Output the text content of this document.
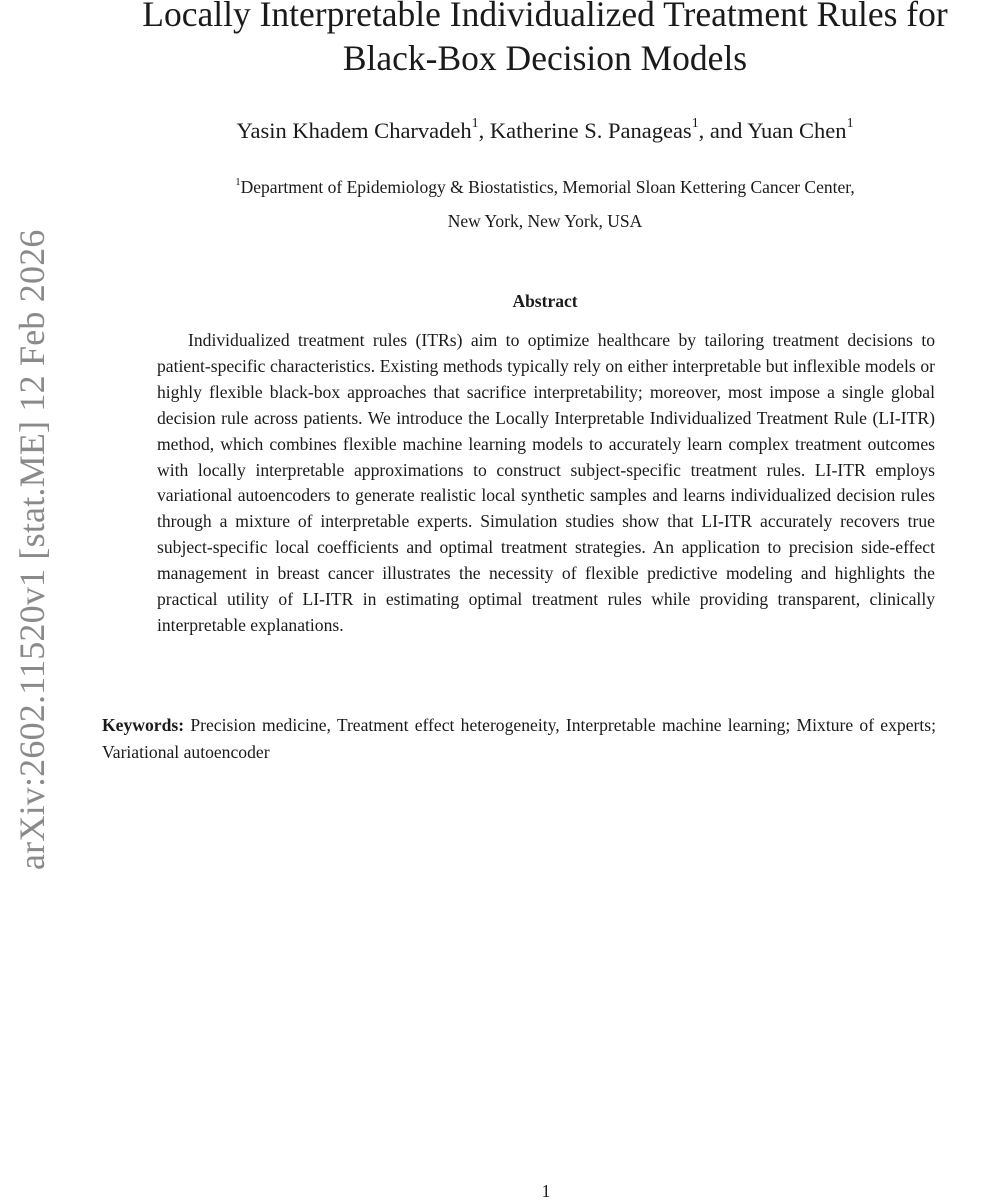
arXiv:2602.11520v1 [stat.ME] 12 Feb 2026
Locally Interpretable Individualized Treatment Rules for
Black-Box Decision Models
Yasin Khadem Charvadeh$^1$, Katherine S. Panageas$^1$, and Yuan Chen$^1$
$^1$Department of Epidemiology & Biostatistics, Memorial Sloan Kettering Cancer Center,
New York, New York, USA
Abstract

Individualized treatment rules (ITRs) aim to optimize healthcare by tailoring treatment decisions to patient-specific characteristics. Existing methods typically rely on either interpretable but inflexible models or highly flexible black-box approaches that sacrifice interpretability; moreover, most impose a single global decision rule across patients. We introduce the Locally Interpretable Individualized Treatment Rule (LI-ITR) method, which combines flexible machine learning models to accurately learn complex treatment outcomes with locally interpretable approximations to construct subject-specific treatment rules. LI-ITR employs variational autoencoders to generate realistic local synthetic samples and learns individualized decision rules through a mixture of interpretable experts. Simulation studies show that LI-ITR accurately recovers true subject-specific local coefficients and optimal treatment strategies. An application to precision side-effect management in breast cancer illustrates the necessity of flexible predictive modeling and highlights the practical utility of LI-ITR in estimating optimal treatment rules while providing transparent, clinically interpretable explanations.

Keywords: Precision medicine, Treatment effect heterogeneity, Interpretable machine learning; Mixture of experts; Variational autoencoder

1
